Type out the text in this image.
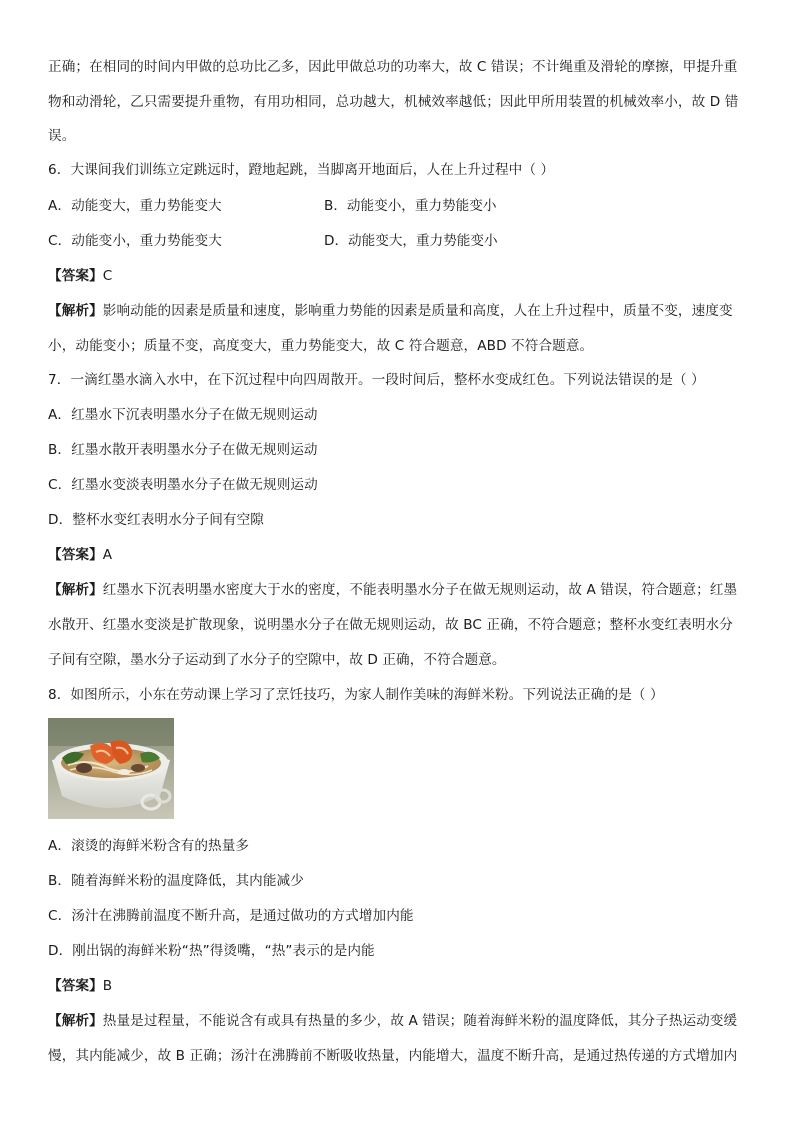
正确；在相同的时间内甲做的总功比乙多，因此甲做总功的功率大，故 C 错误；不计绳重及滑轮的摩擦，甲提升重
物和动滑轮，乙只需要提升重物，有用功相同，总功越大，机械效率越低；因此甲所用装置的机械效率小，故 D 错
误。
6．大课间我们训练立定跳远时，蹬地起跳，当脚离开地面后，人在上升过程中（ ）
A．动能变大，重力势能变大	B．动能变小，重力势能变小
C．动能变小，重力势能变大	D．动能变大，重力势能变小
【答案】C
【解析】影响动能的因素是质量和速度，影响重力势能的因素是质量和高度，人在上升过程中，质量不变，速度变
小，动能变小；质量不变，高度变大，重力势能变大，故 C 符合题意，ABD 不符合题意。
7．一滴红墨水滴入水中，在下沉过程中向四周散开。一段时间后，整杯水变成红色。下列说法错误的是（ ）
A．红墨水下沉表明墨水分子在做无规则运动
B．红墨水散开表明墨水分子在做无规则运动
C．红墨水变淡表明墨水分子在做无规则运动
D．整杯水变红表明水分子间有空隙
【答案】A
【解析】红墨水下沉表明墨水密度大于水的密度，不能表明墨水分子在做无规则运动，故 A 错误，符合题意；红墨
水散开、红墨水变淡是扩散现象，说明墨水分子在做无规则运动，故 BC 正确，不符合题意；整杯水变红表明水分
子间有空隙，墨水分子运动到了水分子的空隙中，故 D 正确，不符合题意。
8．如图所示，小东在劳动课上学习了烹饪技巧，为家人制作美味的海鲜米粉。下列说法正确的是（ ）
A．滚烫的海鲜米粉含有的热量多
B．随着海鲜米粉的温度降低，其内能减少
C．汤汁在沸腾前温度不断升高，是通过做功的方式增加内能
D．刚出锅的海鲜米粉“热”得烫嘴，“热”表示的是内能
【答案】B
【解析】热量是过程量，不能说含有或具有热量的多少，故 A 错误；随着海鲜米粉的温度降低，其分子热运动变缓
慢，其内能减少，故 B 正确；汤汁在沸腾前不断吸收热量，内能增大，温度不断升高，是通过热传递的方式增加内
